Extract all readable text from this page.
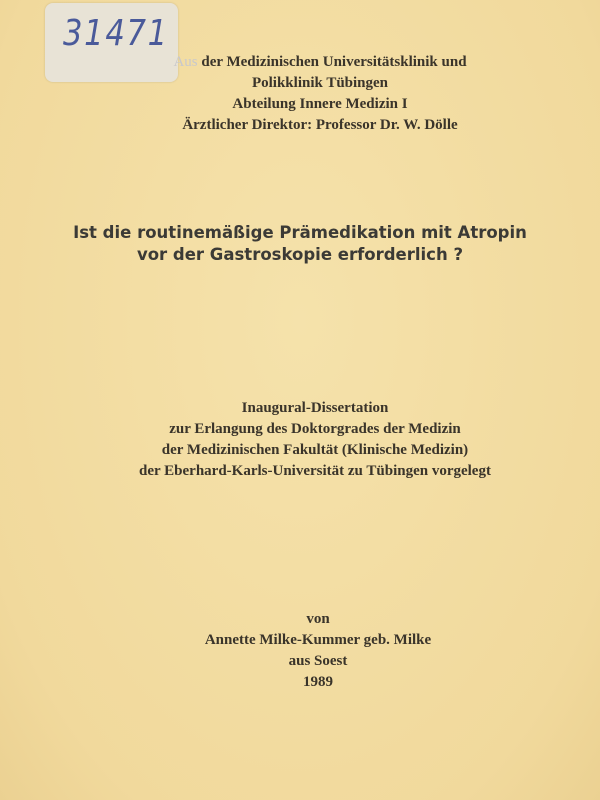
31471
Aus der Medizinischen Universitätsklinik und
Polikklinik Tübingen
Abteilung Innere Medizin I
Ärztlicher Direktor: Professor Dr. W. Dölle
Ist die routinemäßige Prämedikation mit Atropin
vor der Gastroskopie erforderlich ?
Inaugural-Dissertation
zur Erlangung des Doktorgrades der Medizin
der Medizinischen Fakultät (Klinische Medizin)
der Eberhard-Karls-Universität zu Tübingen vorgelegt
von
Annette Milke-Kummer geb. Milke
aus Soest
1989
